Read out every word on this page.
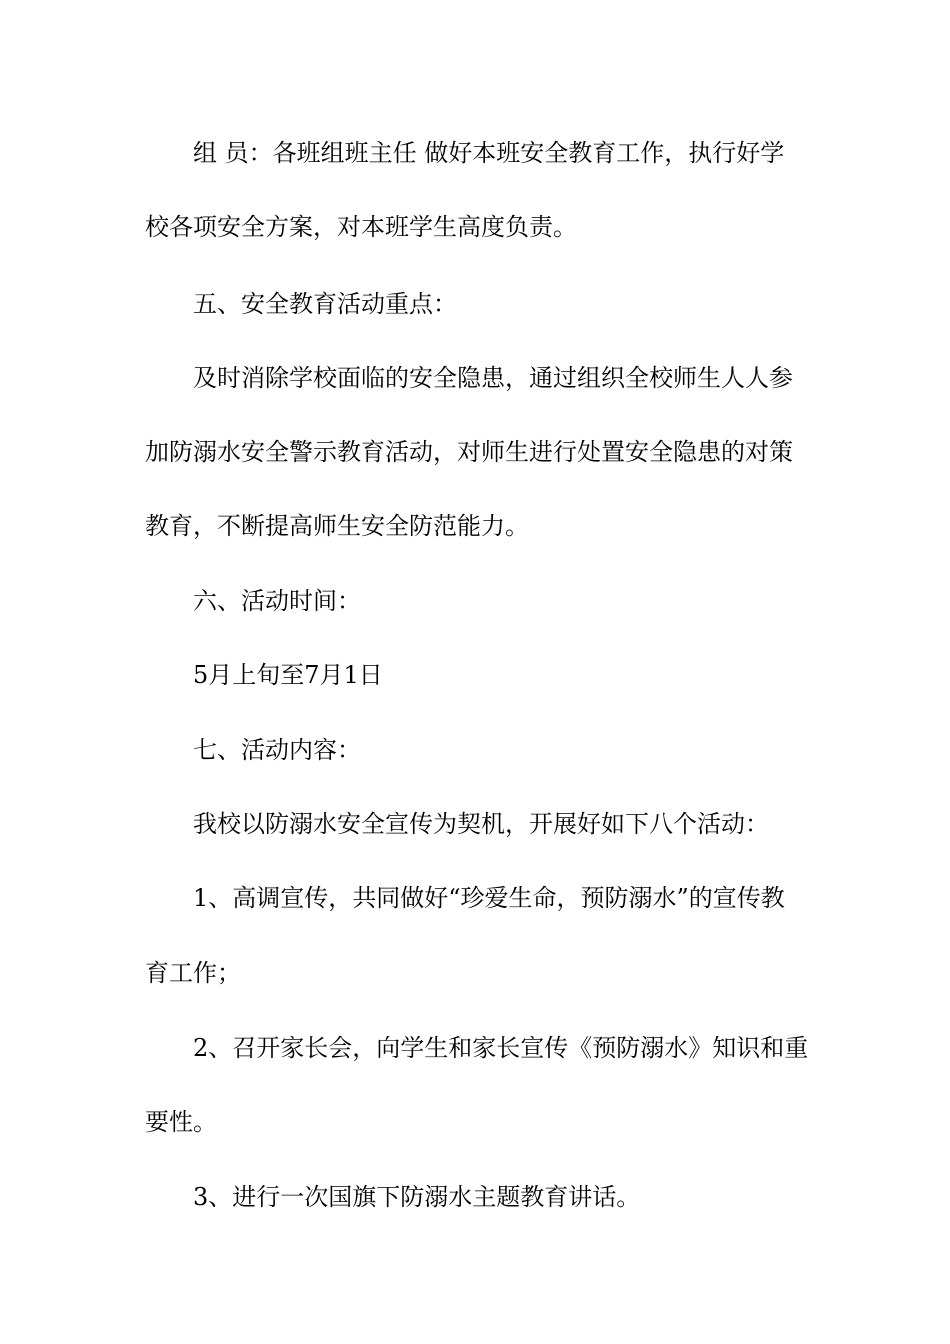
组 员：各班组班主任 做好本班安全教育工作，执行好学
校各项安全方案，对本班学生高度负责。
五、安全教育活动重点：
及时消除学校面临的安全隐患，通过组织全校师生人人参
加防溺水安全警示教育活动，对师生进行处置安全隐患的对策
教育，不断提高师生安全防范能力。
六、活动时间：
5月上旬至7月1日
七、活动内容：
我校以防溺水安全宣传为契机，开展好如下八个活动：
1、高调宣传，共同做好“珍爱生命，预防溺水”的宣传教
育工作；
2、召开家长会，向学生和家长宣传《预防溺水》知识和重
要性。
3、进行一次国旗下防溺水主题教育讲话。
